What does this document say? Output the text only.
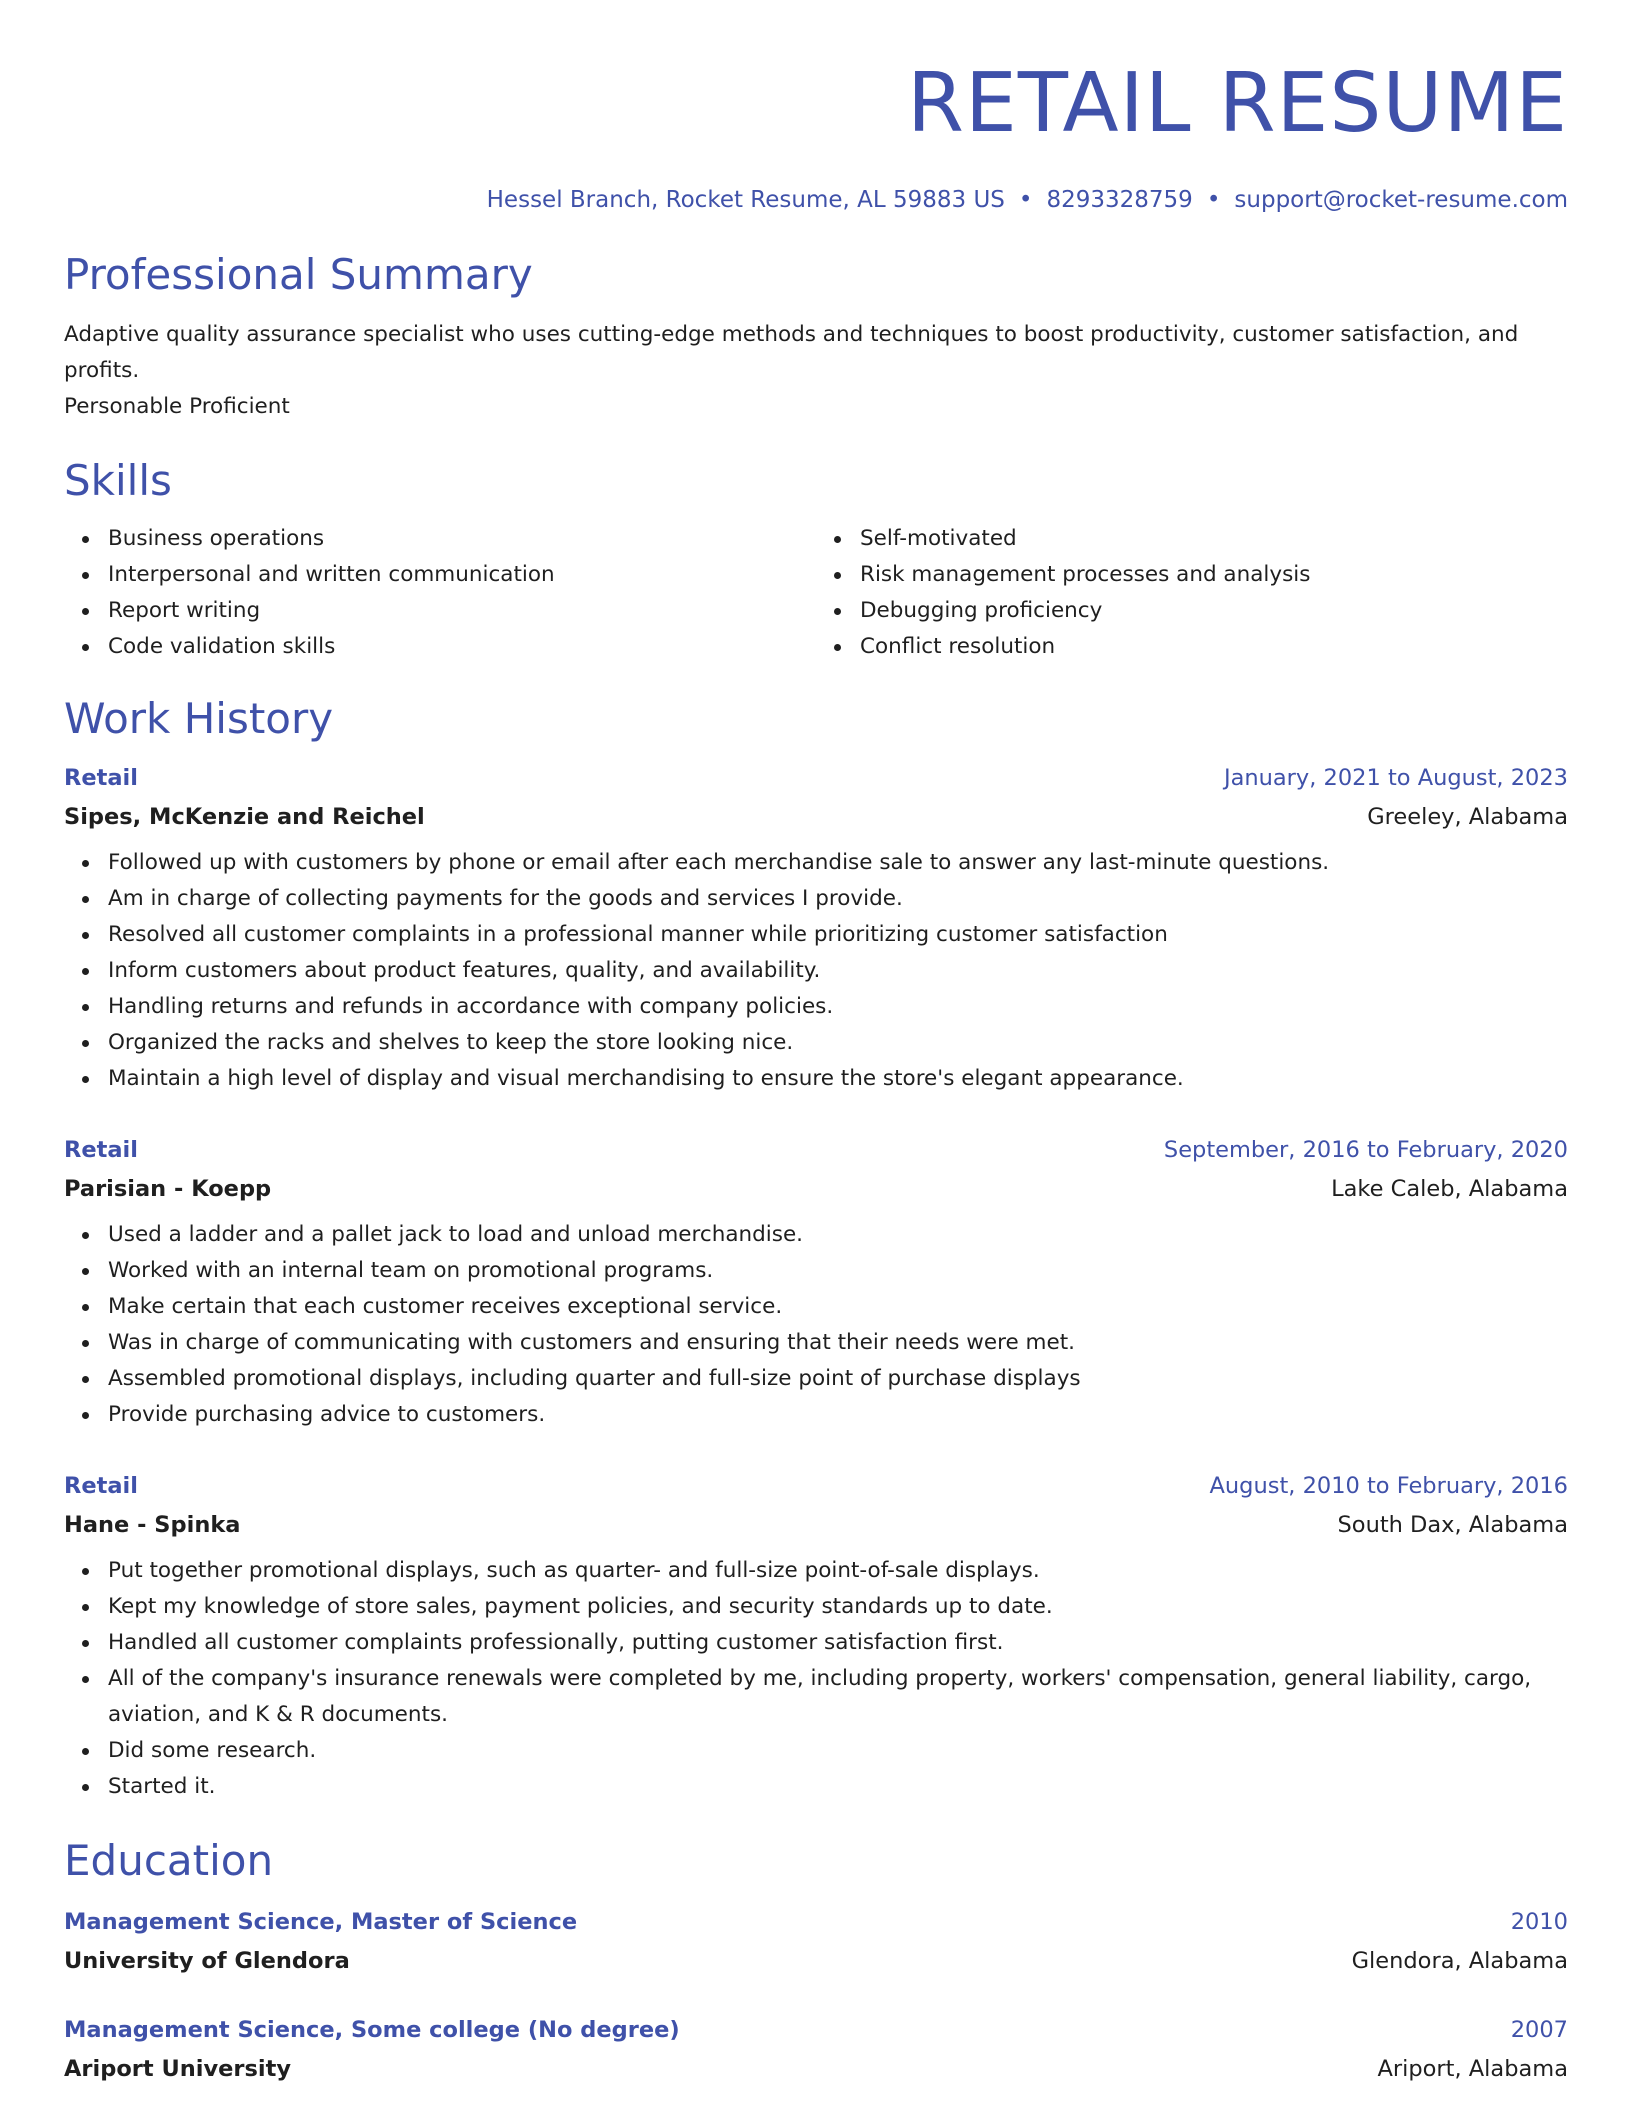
RETAIL RESUME
Hessel Branch, Rocket Resume, AL 59883 US • 8293328759 • support@rocket-resume.com
Professional Summary
Adaptive quality assurance specialist who uses cutting-edge methods and techniques to boost productivity, customer satisfaction, and profits.
Personable Proficient
Skills
Business operations
Interpersonal and written communication
Report writing
Code validation skills
Self-motivated
Risk management processes and analysis
Debugging proficiency
Conflict resolution
Work History
Retail	January, 2021 to August, 2023
Sipes, McKenzie and Reichel	Greeley, Alabama
Followed up with customers by phone or email after each merchandise sale to answer any last-minute questions.
Am in charge of collecting payments for the goods and services I provide.
Resolved all customer complaints in a professional manner while prioritizing customer satisfaction
Inform customers about product features, quality, and availability.
Handling returns and refunds in accordance with company policies.
Organized the racks and shelves to keep the store looking nice.
Maintain a high level of display and visual merchandising to ensure the store's elegant appearance.
Retail	September, 2016 to February, 2020
Parisian - Koepp	Lake Caleb, Alabama
Used a ladder and a pallet jack to load and unload merchandise.
Worked with an internal team on promotional programs.
Make certain that each customer receives exceptional service.
Was in charge of communicating with customers and ensuring that their needs were met.
Assembled promotional displays, including quarter and full-size point of purchase displays
Provide purchasing advice to customers.
Retail	August, 2010 to February, 2016
Hane - Spinka	South Dax, Alabama
Put together promotional displays, such as quarter- and full-size point-of-sale displays.
Kept my knowledge of store sales, payment policies, and security standards up to date.
Handled all customer complaints professionally, putting customer satisfaction first.
All of the company's insurance renewals were completed by me, including property, workers' compensation, general liability, cargo, aviation, and K & R documents.
Did some research.
Started it.
Education
Management Science, Master of Science	2010
University of Glendora	Glendora, Alabama
Management Science, Some college (No degree)	2007
Ariport University	Ariport, Alabama
